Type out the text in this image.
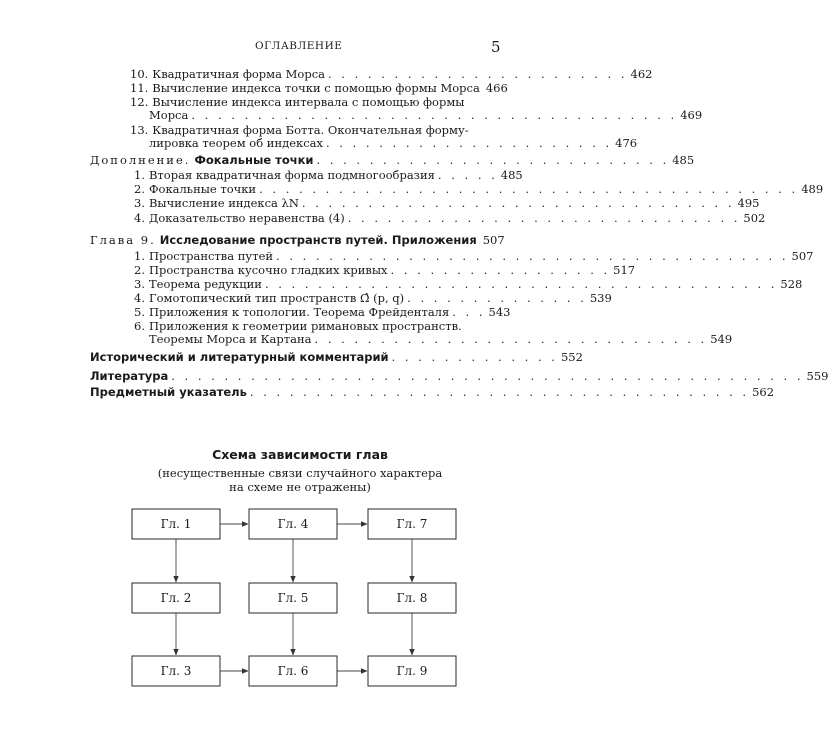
ОГЛАВЛЕНИЕ	5
10. Квадратичная форма Морса . . . . . . . . . . . . . . . . . . . . . . . 462
11. Вычисление индекса точки с помощью формы Морса 466
12. Вычисление индекса интервала с помощью формы
Морса . . . . . . . . . . . . . . . . . . . . . . . . . . . . . . . . . . . . . 469
13. Квадратичная форма Ботта. Окончательная форму-
лировка теорем об индексах . . . . . . . . . . . . . . . . . . . . . . 476
Дополнение. Фокальные точки . . . . . . . . . . . . . . . . . . . . . . . . . . . 485
1. Вторая квадратичная форма подмногообразия . . . . . 485
2. Фокальные точки . . . . . . . . . . . . . . . . . . . . . . . . . . . . . . . . . . . . . . . . . 489
3. Вычисление индекса λN . . . . . . . . . . . . . . . . . . . . . . . . . . . . . . . . . 495
4. Доказательство неравенства (4) . . . . . . . . . . . . . . . . . . . . . . . . . . . . . . 502
Глава 9. Исследование пространств путей. Приложения 507
1. Пространства путей . . . . . . . . . . . . . . . . . . . . . . . . . . . . . . . . . . . . . . . 507
2. Пространства кусочно гладких кривых . . . . . . . . . . . . . . . . . 517
3. Теорема редукции . . . . . . . . . . . . . . . . . . . . . . . . . . . . . . . . . . . . . . . 528
4. Гомотопический тип пространств Ω̂ (p, q) . . . . . . . . . . . . . . 539
5. Приложения к топологии. Теорема Фрейденталя . . . 543
6. Приложения к геометрии римановых пространств.
Теоремы Морса и Картана . . . . . . . . . . . . . . . . . . . . . . . . . . . . . . 549
Исторический и литературный комментарий . . . . . . . . . . . . . 552
Литература . . . . . . . . . . . . . . . . . . . . . . . . . . . . . . . . . . . . . . . . . . . . . . . . 559
Предметный указатель . . . . . . . . . . . . . . . . . . . . . . . . . . . . . . . . . . . . . . 562
Схема зависимости глав
(несущественные связи случайного характера
на схеме не отражены)
Гл. 1	Гл. 4	Гл. 7
Гл. 2	Гл. 5	Гл. 8
Гл. 3	Гл. 6	Гл. 9
